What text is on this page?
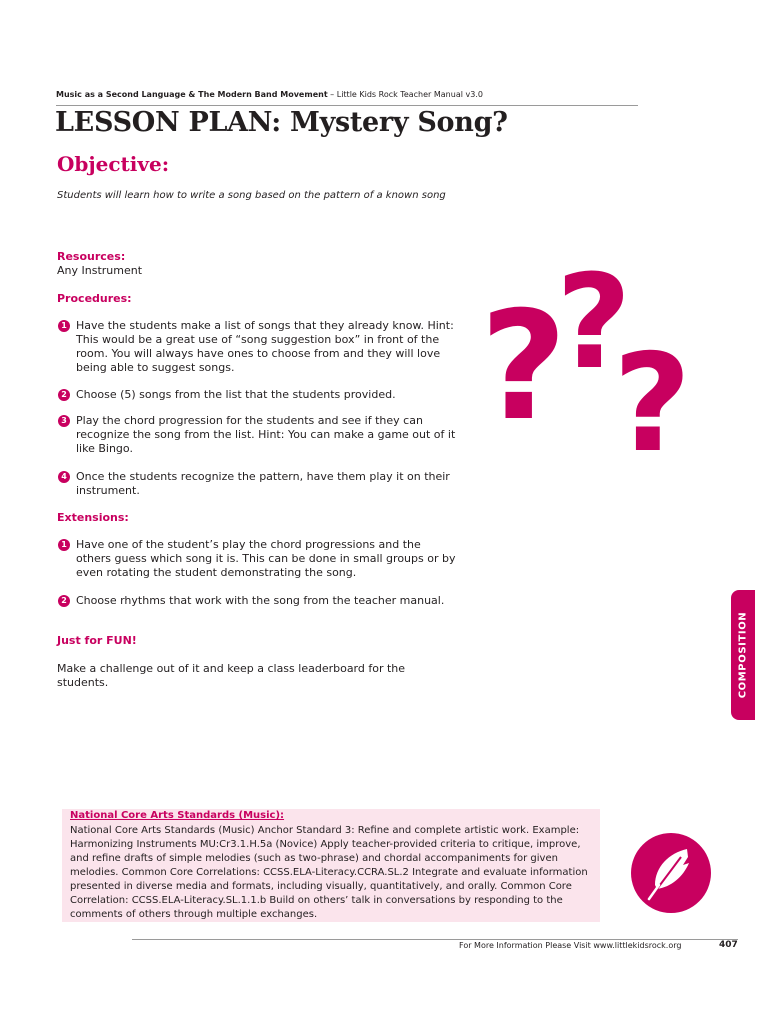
Music as a Second Language & The Modern Band Movement – Little Kids Rock Teacher Manual v3.0
LESSON PLAN: Mystery Song?
Objective:
Students will learn how to write a song based on the pattern of a known song
Resources:
Any Instrument
Procedures:
1 Have the students make a list of songs that they already know. Hint: This would be a great use of “song suggestion box” in front of the room. You will always have ones to choose from and they will love being able to suggest songs.
2 Choose (5) songs from the list that the students provided.
3 Play the chord progression for the students and see if they can recognize the song from the list. Hint: You can make a game out of it like Bingo.
4 Once the students recognize the pattern, have them play it on their instrument.
Extensions:
1 Have one of the student’s play the chord progressions and the others guess which song it is. This can be done in small groups or by even rotating the student demonstrating the song.
2 Choose rhythms that work with the song from the teacher manual.
Just for FUN!
Make a challenge out of it and keep a class leaderboard for the students.
?
?
?
COMPOSITION
National Core Arts Standards (Music):
National Core Arts Standards (Music) Anchor Standard 3: Refine and complete artistic work. Example: Harmonizing Instruments MU:Cr3.1.H.5a (Novice) Apply teacher-provided criteria to critique, improve, and refine drafts of simple melodies (such as two-phrase) and chordal accompaniments for given melodies. Common Core Correlations: CCSS.ELA-Literacy.CCRA.SL.2 Integrate and evaluate information presented in diverse media and formats, including visually, quantitatively, and orally. Common Core Correlation: CCSS.ELA-Literacy.SL.1.1.b Build on others’ talk in conversations by responding to the comments of others through multiple exchanges.
For More Information Please Visit www.littlekidsrock.org	407
